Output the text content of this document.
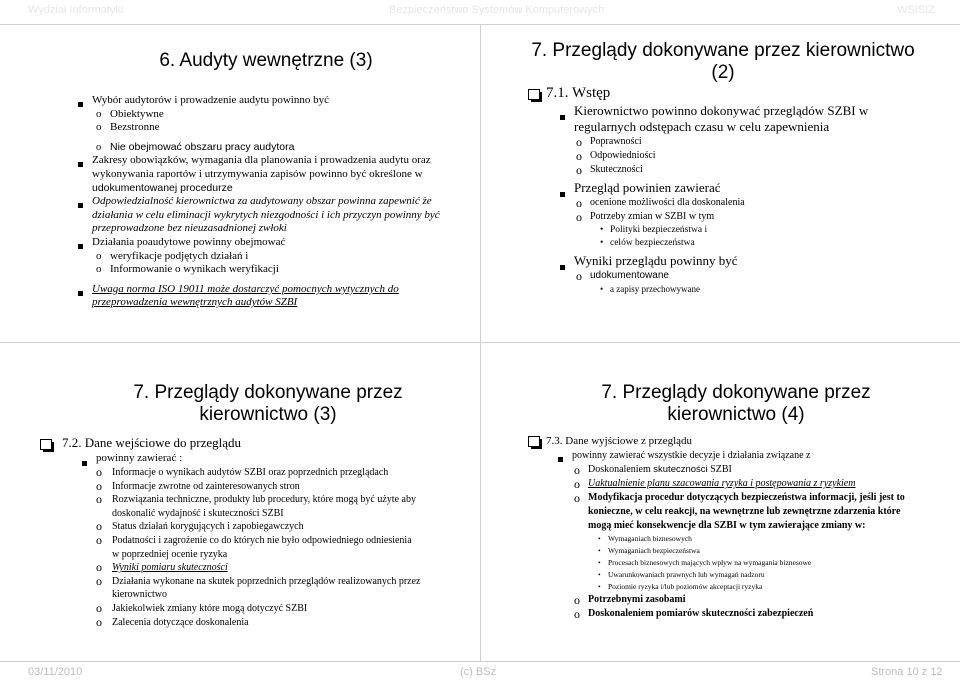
Wydział Informatyki	Bezpieczeństwo Systemów Komputerowych	WSISIZ
03/11/2010	(c) BSz	Strona 10 z 12

6. Audyty wewnętrzne (3)

Wybór audytorów i prowadzenie audytu powinno być
o Obiektywne
o Bezstronne
o Nie obejmować obszaru pracy audytora
Zakresy obowiązków, wymagania dla planowania i prowadzenia audytu oraz wykonywania raportów i utrzymywania zapisów powinno być określone w udokumentowanej procedurze
Odpowiedzialność kierownictwa za audytowany obszar powinna zapewnić że działania w celu eliminacji wykrytych niezgodności i ich przyczyn powinny być przeprowadzone bez nieuzasadnionej zwłoki
Działania poaudytowe powinny obejmować
o weryfikacje podjętych działań i
o Informowanie o wynikach weryfikacji
Uwaga norma ISO 19011 może dostarczyć pomocnych wytycznych do przeprowadzenia wewnętrznych audytów SZBI

7. Przeglądy dokonywane przez kierownictwo (2)

7.1. Wstęp
Kierownictwo powinno dokonywać przeglądów SZBI w regularnych odstępach czasu w celu zapewnienia
o Poprawności
o Odpowiedniości
o Skuteczności
Przegląd powinien zawierać
o ocenione możliwości dla doskonalenia
o Potrzeby zmian w SZBI w tym
• Polityki bezpieczeństwa i
• celów bezpieczeństwa
Wyniki przeglądu powinny być
o udokumentowane
• a zapisy przechowywane

7. Przeglądy dokonywane przez kierownictwo (3)

7.2. Dane wejściowe do przeglądu
powinny zawierać :
o Informacje o wynikach audytów SZBI oraz poprzednich przeglądach
o Informacje zwrotne od zainteresowanych stron
o Rozwiązania techniczne, produkty lub procedury, które mogą być użyte aby doskonalić wydajność i skuteczności SZBI
o Status działań korygujących i zapobiegawczych
o Podatności i zagrożenie co do których nie było odpowiedniego odniesienia w poprzedniej ocenie ryzyka
o Wyniki pomiaru skuteczności
o Działania wykonane na skutek poprzednich przeglądów realizowanych przez kierownictwo
o Jakiekolwiek zmiany które mogą dotyczyć SZBI
o Zalecenia dotyczące doskonalenia

7. Przeglądy dokonywane przez kierownictwo (4)

7.3. Dane wyjściowe z przeglądu
powinny zawierać wszystkie decyzje i działania związane z
o Doskonaleniem skuteczności SZBI
o Uaktualnienie planu szacowania ryzyka i postępowania z ryzykiem
o Modyfikacja procedur dotyczących bezpieczeństwa informacji, jeśli jest to konieczne, w celu reakcji, na wewnętrzne lub zewnętrzne zdarzenia które mogą mieć konsekwencje dla SZBI w tym zawierające zmiany w:
• Wymaganiach biznesowych
• Wymaganiach bezpieczeństwa
• Procesach biznesowych mających wpływ na wymagania biznesowe
• Uwarunkowaniach prawnych lub wymagań nadzoru
• Poziomie ryzyka i/lub poziomów akceptacji ryzyka
o Potrzebnymi zasobami
o Doskonaleniem pomiarów skuteczności zabezpieczeń
